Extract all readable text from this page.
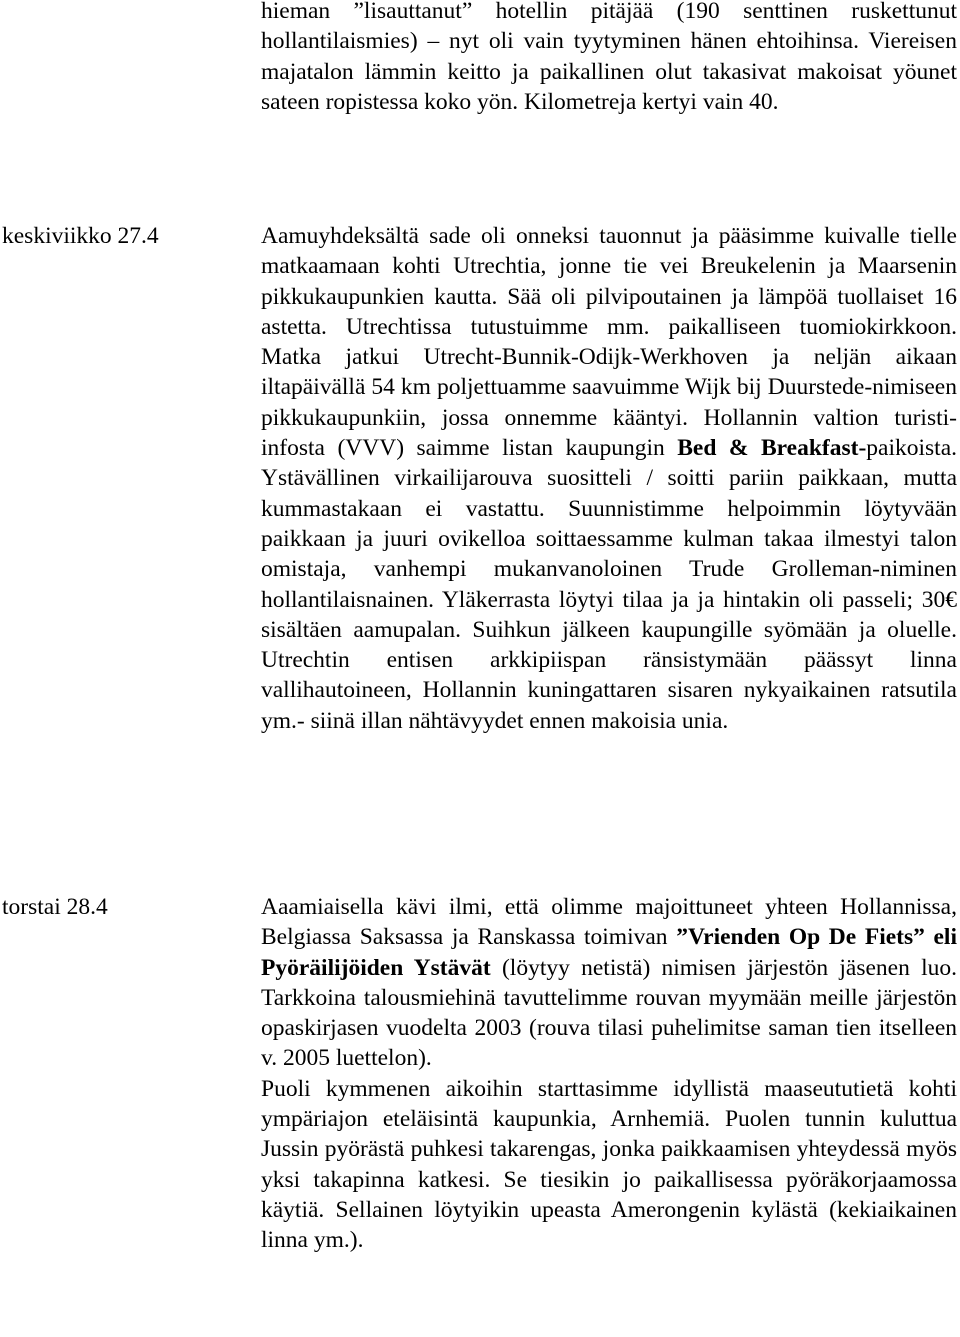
hieman ”lisauttanut” hotellin pitäjää (190 senttinen ruskettunut hollantilaismies) – nyt oli vain tyytyminen hänen ehtoihinsa. Viereisen majatalon lämmin keitto ja paikallinen olut takasivat makoisat yöunet sateen ropistessa koko yön. Kilometreja kertyi vain 40.

keskiviikko 27.4	Aamuyhdeksältä sade oli onneksi tauonnut ja pääsimme kuivalle tielle matkaamaan kohti Utrechtia, jonne tie vei Breukelenin ja Maarsenin pikkukaupunkien kautta. Sää oli pilvipoutainen ja lämpöä tuollaiset 16 astetta. Utrechtissa tutustuimme mm. paikalliseen tuomiokirkkoon. Matka jatkui Utrecht-Bunnik-Odijk-Werkhoven ja neljän aikaan iltapäivällä 54 km poljettuamme saavuimme Wijk bij Duurstede-nimiseen pikkukaupunkiin, jossa onnemme kääntyi. Hollannin valtion turisti-infosta (VVV) saimme listan kaupungin Bed & Breakfast-paikoista. Ystävällinen virkailijarouva suositteli / soitti pariin paikkaan, mutta kummastakaan ei vastattu. Suunnistimme helpoimmin löytyvään paikkaan ja juuri ovikelloa soittaessamme kulman takaa ilmestyi talon omistaja, vanhempi mukanvanoloinen Trude Grolleman-niminen hollantilaisnainen. Yläkerrasta löytyi tilaa ja ja hintakin oli passeli; 30€ sisältäen aamupalan. Suihkun jälkeen kaupungille syömään ja oluelle. Utrechtin entisen arkkipiispan ränsistymään päässyt linna vallihautoineen, Hollannin kuningattaren sisaren nykyaikainen ratsutila ym.- siinä illan nähtävyydet ennen makoisia unia.

torstai 28.4	Aaamiaisella kävi ilmi, että olimme majoittuneet yhteen Hollannissa, Belgiassa Saksassa ja Ranskassa toimivan ”Vrienden Op De Fiets” eli Pyöräilijöiden Ystävät (löytyy netistä) nimisen järjestön jäsenen luo. Tarkkoina talousmiehinä tavuttelimme rouvan myymään meille järjestön opaskirjasen vuodelta 2003 (rouva tilasi puhelimitse saman tien itselleen v. 2005 luettelon).

Puoli kymmenen aikoihin starttasimme idyllistä maaseututietä kohti ympäriajon eteläisintä kaupunkia, Arnhemiä. Puolen tunnin kuluttua Jussin pyörästä puhkesi takarengas, jonka paikkaamisen yhteydessä myös yksi takapinna katkesi. Se tiesikin jo paikallisessa pyöräkorjaamossa käytiä. Sellainen löytyikin upeasta Amerongenin kylästä (kekiaikainen linna ym.).
